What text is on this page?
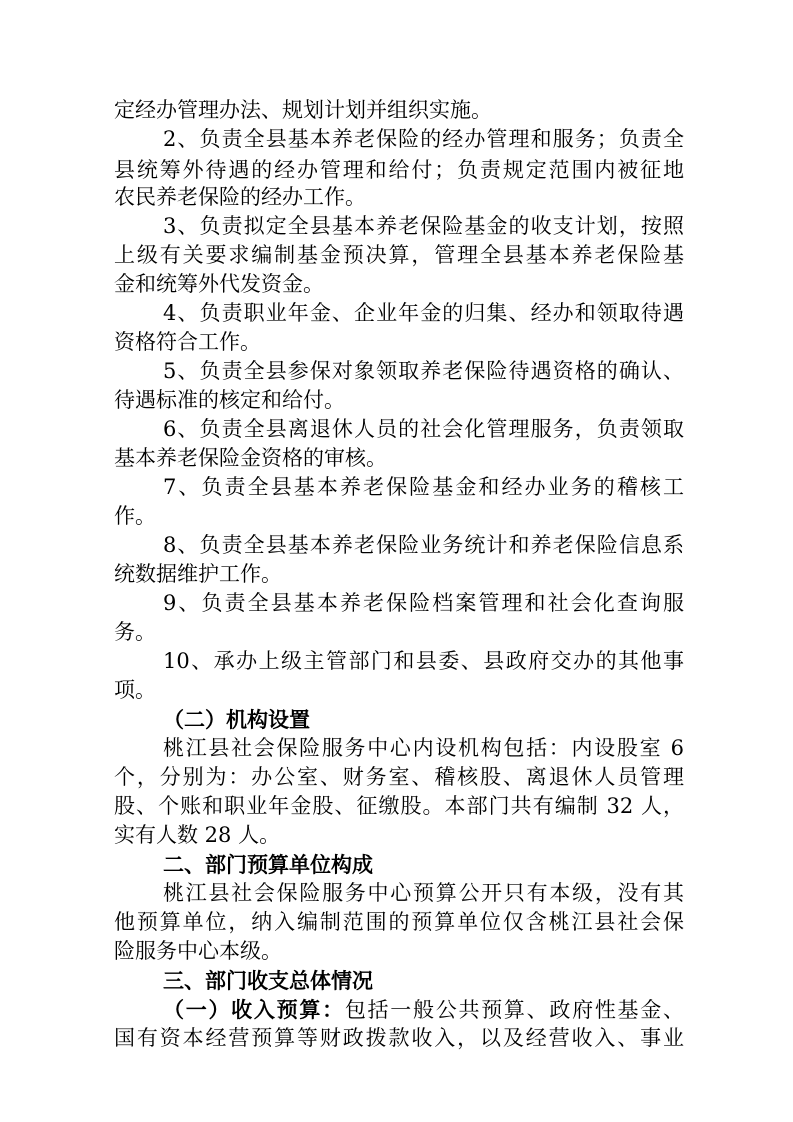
定经办管理办法、规划计划并组织实施。
2、负责全县基本养老保险的经办管理和服务；负责全
县统筹外待遇的经办管理和给付；负责规定范围内被征地
农民养老保险的经办工作。
3、负责拟定全县基本养老保险基金的收支计划，按照
上级有关要求编制基金预决算，管理全县基本养老保险基
金和统筹外代发资金。
4、负责职业年金、企业年金的归集、经办和领取待遇
资格符合工作。
5、负责全县参保对象领取养老保险待遇资格的确认、
待遇标准的核定和给付。
6、负责全县离退休人员的社会化管理服务，负责领取
基本养老保险金资格的审核。
7、负责全县基本养老保险基金和经办业务的稽核工
作。
8、负责全县基本养老保险业务统计和养老保险信息系
统数据维护工作。
9、负责全县基本养老保险档案管理和社会化查询服
务。
10、承办上级主管部门和县委、县政府交办的其他事
项。
（二）机构设置
桃江县社会保险服务中心内设机构包括：内设股室 6
个，分别为：办公室、财务室、稽核股、离退休人员管理
股、个账和职业年金股、征缴股。本部门共有编制 32 人，
实有人数 28 人。
二、部门预算单位构成
桃江县社会保险服务中心预算公开只有本级，没有其
他预算单位，纳入编制范围的预算单位仅含桃江县社会保
险服务中心本级。
三、部门收支总体情况
（一）收入预算：包括一般公共预算、政府性基金、
国有资本经营预算等财政拨款收入，以及经营收入、事业
